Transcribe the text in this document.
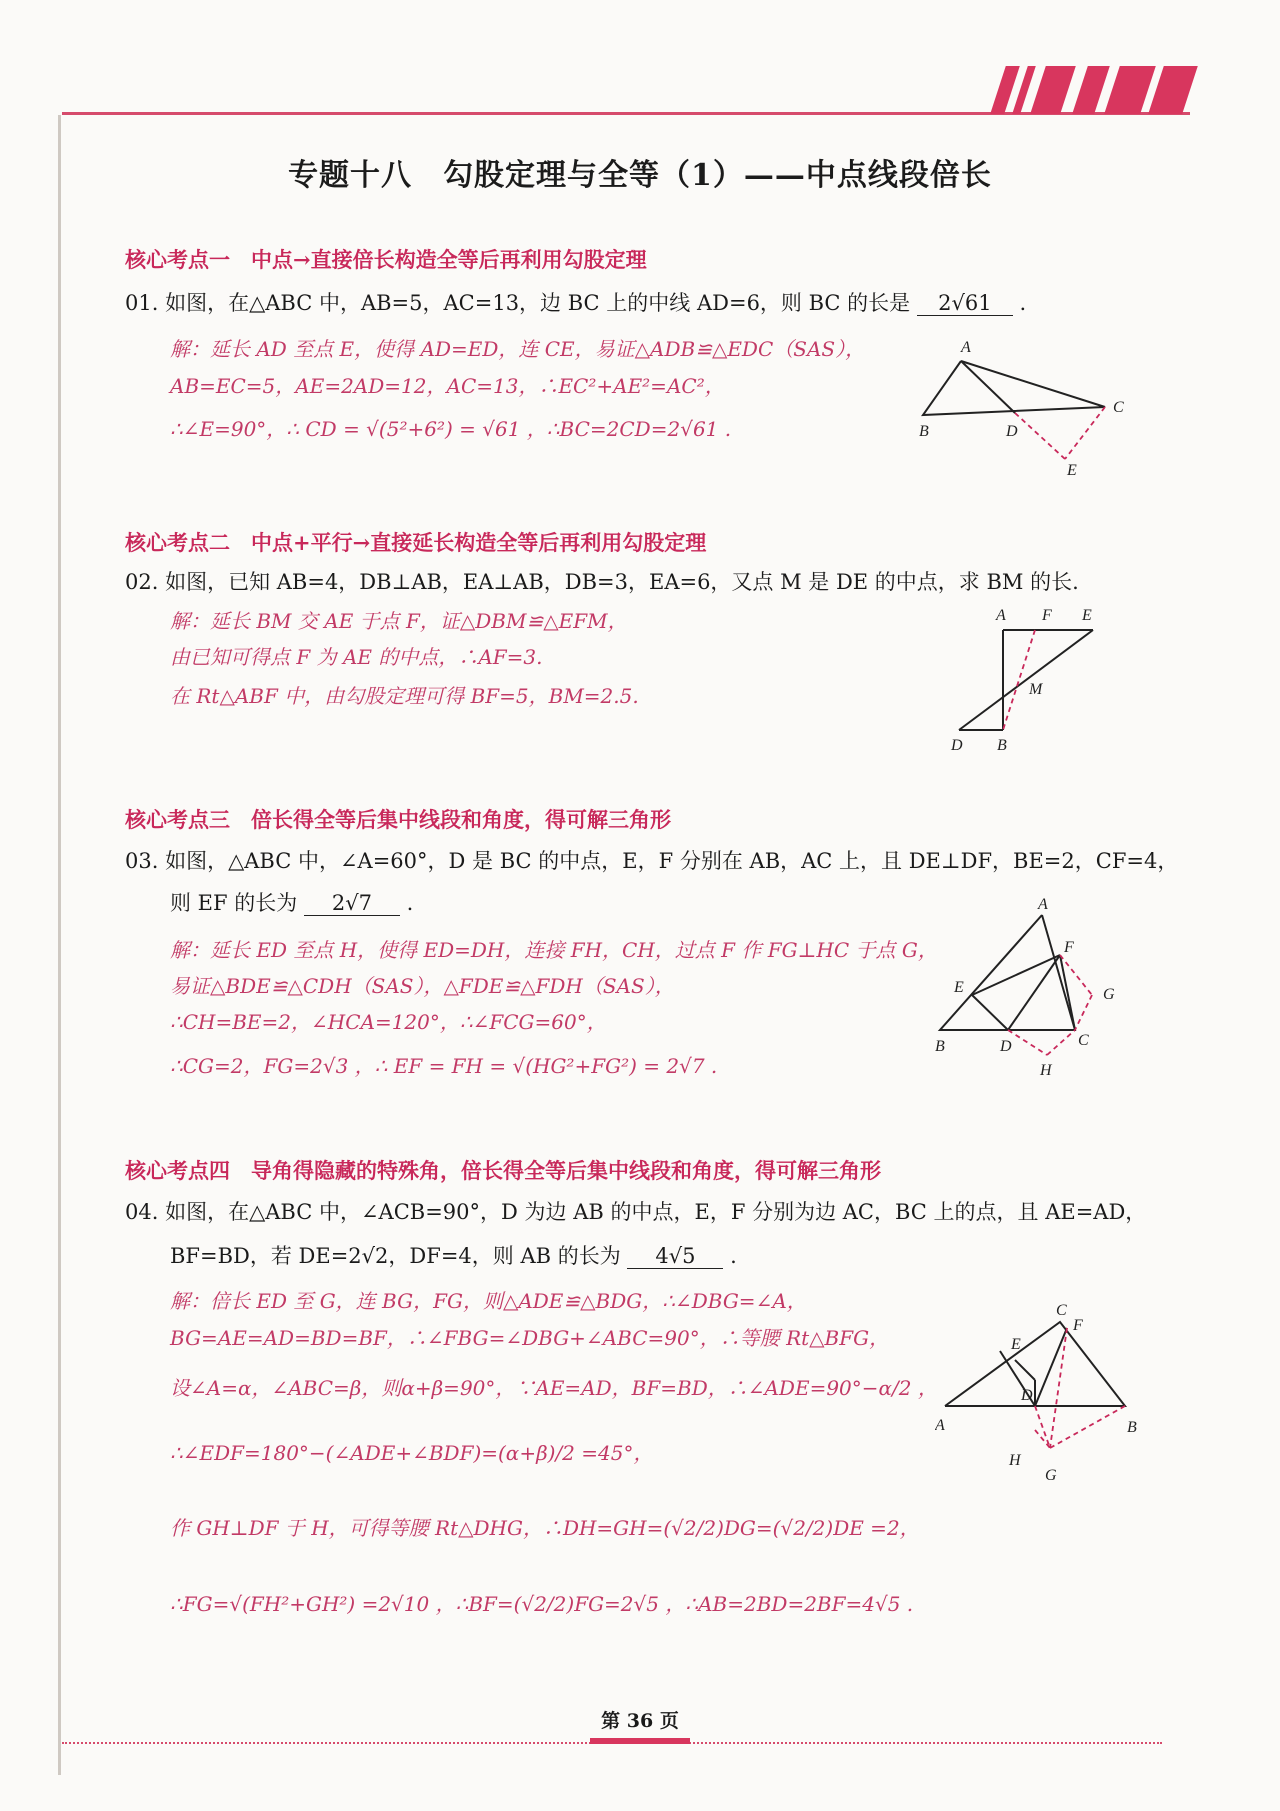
专题十八　勾股定理与全等（1）——中点线段倍长
核心考点一　中点→直接倍长构造全等后再利用勾股定理
01. 如图，在△ABC 中，AB=5，AC=13，边 BC 上的中线 AD=6，则 BC 的长是 2√61 .
解：延长 AD 至点 E，使得 AD=ED，连 CE，易证△ADB≌△EDC（SAS），
AB=EC=5，AE=2AD=12，AC=13，∴EC²+AE²=AC²，
∴∠E=90°，∴ CD = √(5²+6²) = √61 ，∴BC=2CD=2√61 .
A
B	D
C
E
核心考点二　中点+平行→直接延长构造全等后再利用勾股定理
02. 如图，已知 AB=4，DB⊥AB，EA⊥AB，DB=3，EA=6，又点 M 是 DE 的中点，求 BM 的长.
解：延长 BM 交 AE 于点 F，证△DBM≌△EFM，
由已知可得点 F 为 AE 的中点，∴AF=3.
在 Rt△ABF 中，由勾股定理可得 BF=5，BM=2.5.
A F E
M
D B
核心考点三　倍长得全等后集中线段和角度，得可解三角形
03. 如图，△ABC 中，∠A=60°，D 是 BC 的中点，E，F 分别在 AB，AC 上，且 DE⊥DF，BE=2，CF=4，
则 EF 的长为 2√7 .
解：延长 ED 至点 H，使得 ED=DH，连接 FH，CH，过点 F 作 FG⊥HC 于点 G，
易证△BDE≌△CDH（SAS），△FDE≌△FDH（SAS），
∴CH=BE=2，∠HCA=120°，∴∠FCG=60°，
∴CG=2，FG=2√3 ，∴ EF = FH = √(HG²+FG²) = 2√7 .
A
F
E	G
B	D	C
H
核心考点四　导角得隐藏的特殊角，倍长得全等后集中线段和角度，得可解三角形
04. 如图，在△ABC 中，∠ACB=90°，D 为边 AB 的中点，E，F 分别为边 AC，BC 上的点，且 AE=AD，
BF=BD，若 DE=2√2，DF=4，则 AB 的长为 4√5 .
解：倍长 ED 至 G，连 BG，FG，则△ADE≌△BDG，∴∠DBG=∠A，
BG=AE=AD=BD=BF，∴∠FBG=∠DBG+∠ABC=90°，∴等腰 Rt△BFG，
设∠A=α，∠ABC=β，则α+β=90°，∵AE=AD，BF=BD，∴∠ADE=90°−α/2 ，
∴∠EDF=180°−(∠ADE+∠BDF)=(α+β)/2 =45°，
作 GH⊥DF 于 H，可得等腰 Rt△DHG，∴DH=GH=(√2/2)DG=(√2/2)DE =2，
∴FG=√(FH²+GH²) =2√10 ，∴BF=(√2/2)FG=2√5 ，∴AB=2BD=2BF=4√5 .
C
F
E
D
A	B
H
G
第 36 页
